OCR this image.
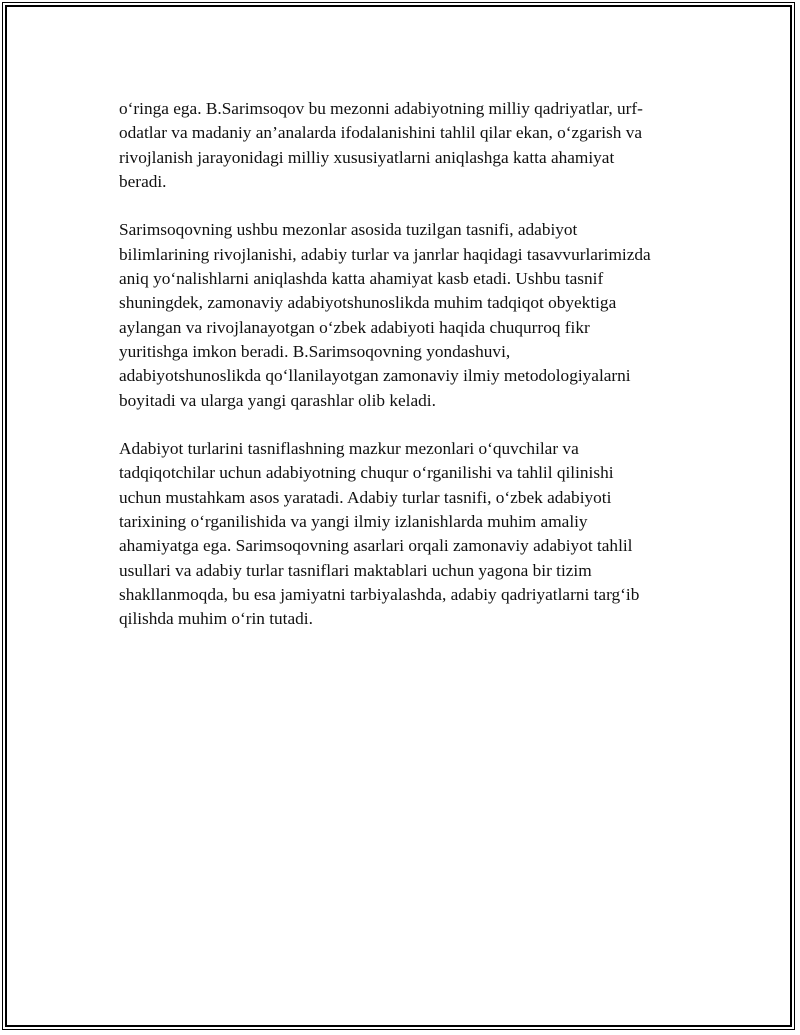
o‘ringa ega. B.Sarimsoqov bu mezonni adabiyotning milliy qadriyatlar, urf-
odatlar va madaniy an’analarda ifodalanishini tahlil qilar ekan, o‘zgarish va
rivojlanish jarayonidagi milliy xususiyatlarni aniqlashga katta ahamiyat
beradi.

Sarimsoqovning ushbu mezonlar asosida tuzilgan tasnifi, adabiyot
bilimlarining rivojlanishi, adabiy turlar va janrlar haqidagi tasavvurlarimizda
aniq yo‘nalishlarni aniqlashda katta ahamiyat kasb etadi. Ushbu tasnif
shuningdek, zamonaviy adabiyotshunoslikda muhim tadqiqot obyektiga
aylangan va rivojlanayotgan o‘zbek adabiyoti haqida chuqurroq fikr
yuritishga imkon beradi. B.Sarimsoqovning yondashuvi,
adabiyotshunoslikda qo‘llanilayotgan zamonaviy ilmiy metodologiyalarni
boyitadi va ularga yangi qarashlar olib keladi.

Adabiyot turlarini tasniflashning mazkur mezonlari o‘quvchilar va
tadqiqotchilar uchun adabiyotning chuqur o‘rganilishi va tahlil qilinishi
uchun mustahkam asos yaratadi. Adabiy turlar tasnifi, o‘zbek adabiyoti
tarixining o‘rganilishida va yangi ilmiy izlanishlarda muhim amaliy
ahamiyatga ega. Sarimsoqovning asarlari orqali zamonaviy adabiyot tahlil
usullari va adabiy turlar tasniflari maktablari uchun yagona bir tizim
shakllanmoqda, bu esa jamiyatni tarbiyalashda, adabiy qadriyatlarni targ‘ib
qilishda muhim o‘rin tutadi.
